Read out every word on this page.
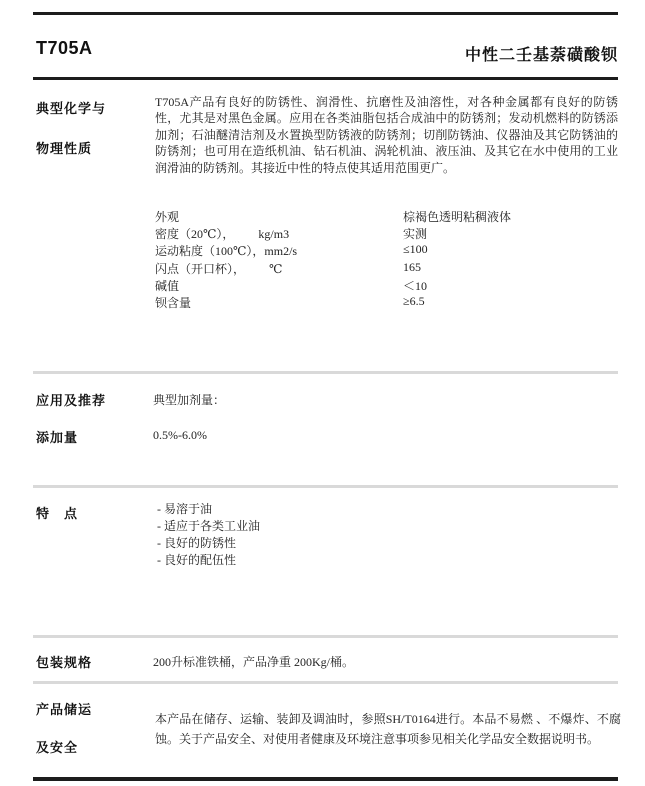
T705A	中性二壬基萘磺酸钡
典型化学与
物理性质
T705A产品有良好的防锈性、润滑性、抗磨性及油溶性，对各种金属都有良好的防锈性，尤其是对黑色金属。应用在各类油脂包括合成油中的防锈剂；发动机燃料的防锈添加剂；石油醚清洁剂及水置换型防锈液的防锈剂；切削防锈油、仪器油及其它防锈油的防锈剂；也可用在造纸机油、钻石机油、涡轮机油、液压油、及其它在水中使用的工业润滑油的防锈剂。其接近中性的特点使其适用范围更广。
外观	棕褐色透明粘稠液体
密度（20℃），        kg/m3	实测
运动粘度（100℃），mm2/s	≤100
闪点（开口杯），        ℃	165
碱值	＜10
钡含量	≥6.5
应用及推荐
添加量
典型加剂量：
0.5%-6.0%
特　点	- 易溶于油
- 适应于各类工业油
- 良好的防锈性
- 良好的配伍性
包装规格	200升标准铁桶，产品净重 200Kg/桶。
产品储运
及安全
本产品在储存、运输、装卸及调油时，参照SH/T0164进行。本品不易燃 、不爆炸、不腐蚀。关于产品安全、对使用者健康及环境注意事项参见相关化学品安全数据说明书。
